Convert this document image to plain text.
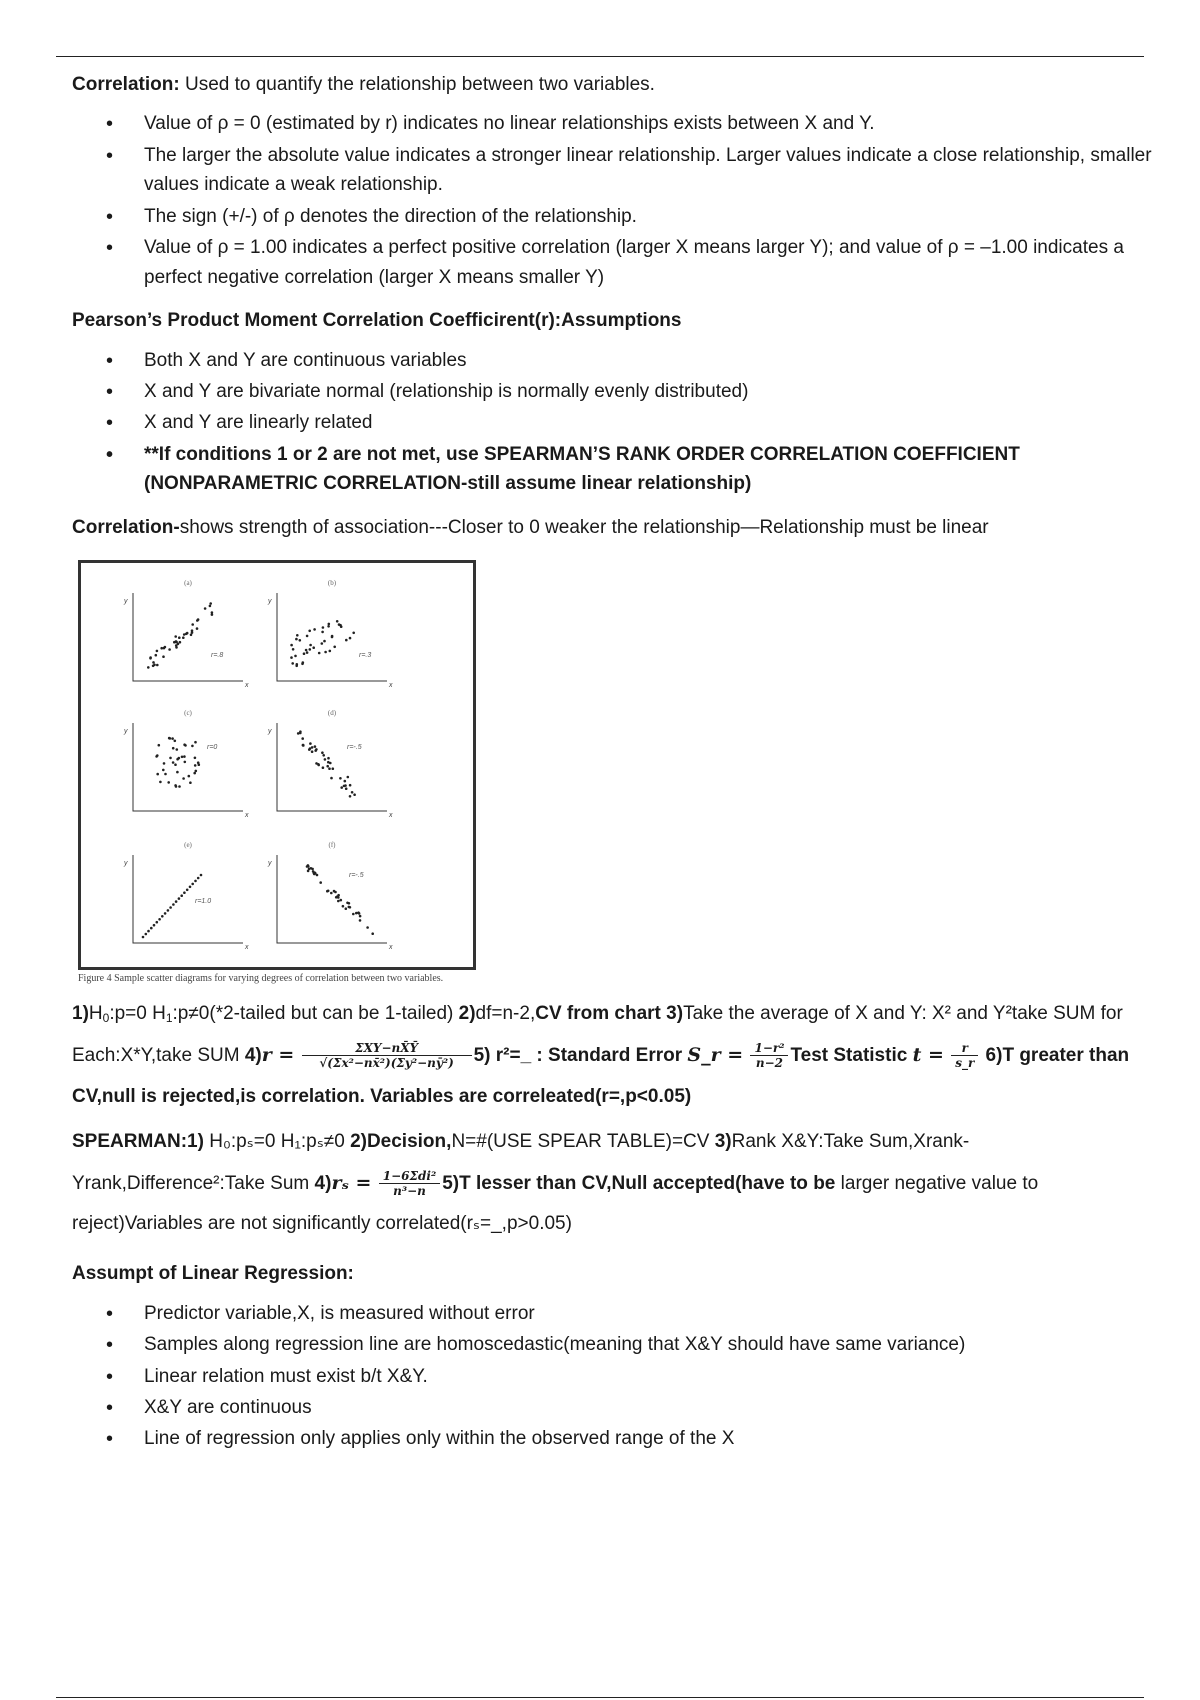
Correlation: Used to quantify the relationship between two variables.

• Value of ρ = 0 (estimated by r) indicates no linear relationships exists between X and Y.
• The larger the absolute value indicates a stronger linear relationship. Larger values indicate a close relationship, smaller values indicate a weak relationship.
• The sign (+/-) of ρ denotes the direction of the relationship.
• Value of ρ = 1.00 indicates a perfect positive correlation (larger X means larger Y); and value of ρ = –1.00 indicates a perfect negative correlation (larger X means smaller Y)

Pearson’s Product Moment Correlation Coefficirent(r):Assumptions

• Both X and Y are continuous variables
• X and Y are bivariate normal (relationship is normally evenly distributed)
• X and Y are linearly related
• **If conditions 1 or 2 are not met, use SPEARMAN’S RANK ORDER CORRELATION COEFFICIENT (NONPARAMETRIC CORRELATION-still assume linear relationship)

Correlation-shows strength of association---Closer to 0 weaker the relationship—Relationship must be linear

(a)
y
x
r=.8
(b)
y
x
r=.3
(c)
y
x
r=0
(d)
y
x
r=-.5
(e)
y
x
r=1.0
(f)
y
x
r=-.5
Figure 4 Sample scatter diagrams for varying degrees of correlation between two variables.
$1)H_0:p=0$ $H_1:p\ne 0(*2$-tailed but can be 1-tailed) 2)df=n-2,CV from chart 3)Take the average of X and Y: X² and Y²take SUM for Each:X*Y,take SUM $4)r = \frac{\text{ΣXY−nX̄Ȳ}}{\text{√(Σx²−nx̄²)(Σy²−nȳ²)}} 5$) r²=_ : Standard Error S_r = $\frac{\text{1−r²}}{n-2}$ Test Statistic $t = \frac{r}{s\_r} 6)T$ greater than CV,null is rejected,is correlation. Variables are correleated(r=,p<0.05)
SPEARMAN:1) H₀:pₛ=0 H₁:pₛ≠0 2)Decision,N=#(USE SPEAR TABLE)=CV 3)Rank X&Y:Take Sum,Xrank-Yrank,Difference²:Take Sum $4)r_s = \frac{\text{1−6Σdi²}}{\text{n³−n}} 5)T$ lesser than CV,Null accepted(have to be larger negative value to reject)Variables are not significantly correlated(rₛ=_,p>0.05)

Assumpt of Linear Regression:

• Predictor variable,X, is measured without error
• Samples along regression line are homoscedastic(meaning that X&Y should have same variance)
• Linear relation must exist b/t X&Y.
• X&Y are continuous
• Line of regression only applies only within the observed range of the X
